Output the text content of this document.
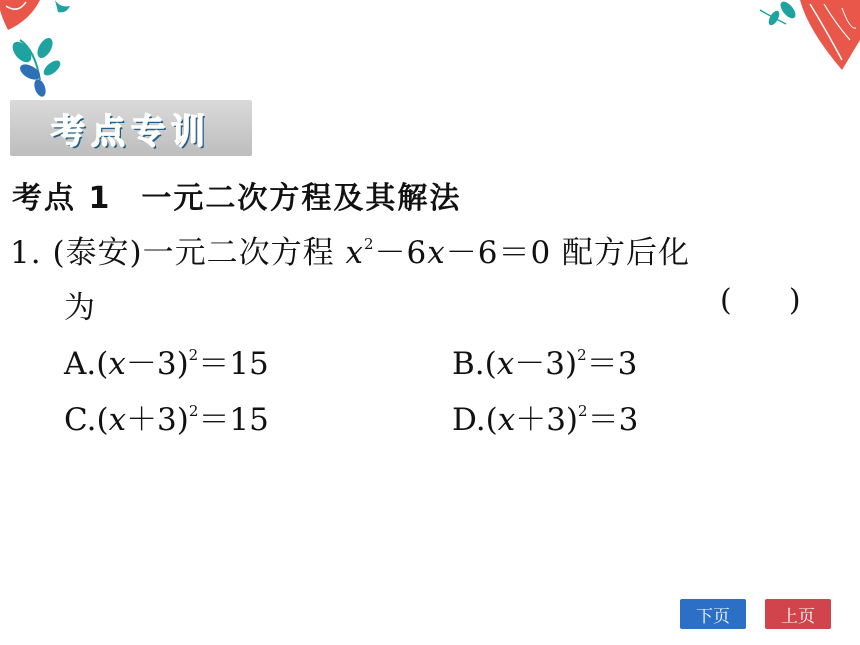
考点专训
考点 1 一元二次方程及其解法
1. (泰安)一元二次方程 $x^2-6x-6=0$ 配方后化
为	(      )
$A.(x-3)^2=15$	$B.(x-3)^2=3$
$C.(x+3)^2=15$	$D.(x+3)^2=3$
下页	上页
